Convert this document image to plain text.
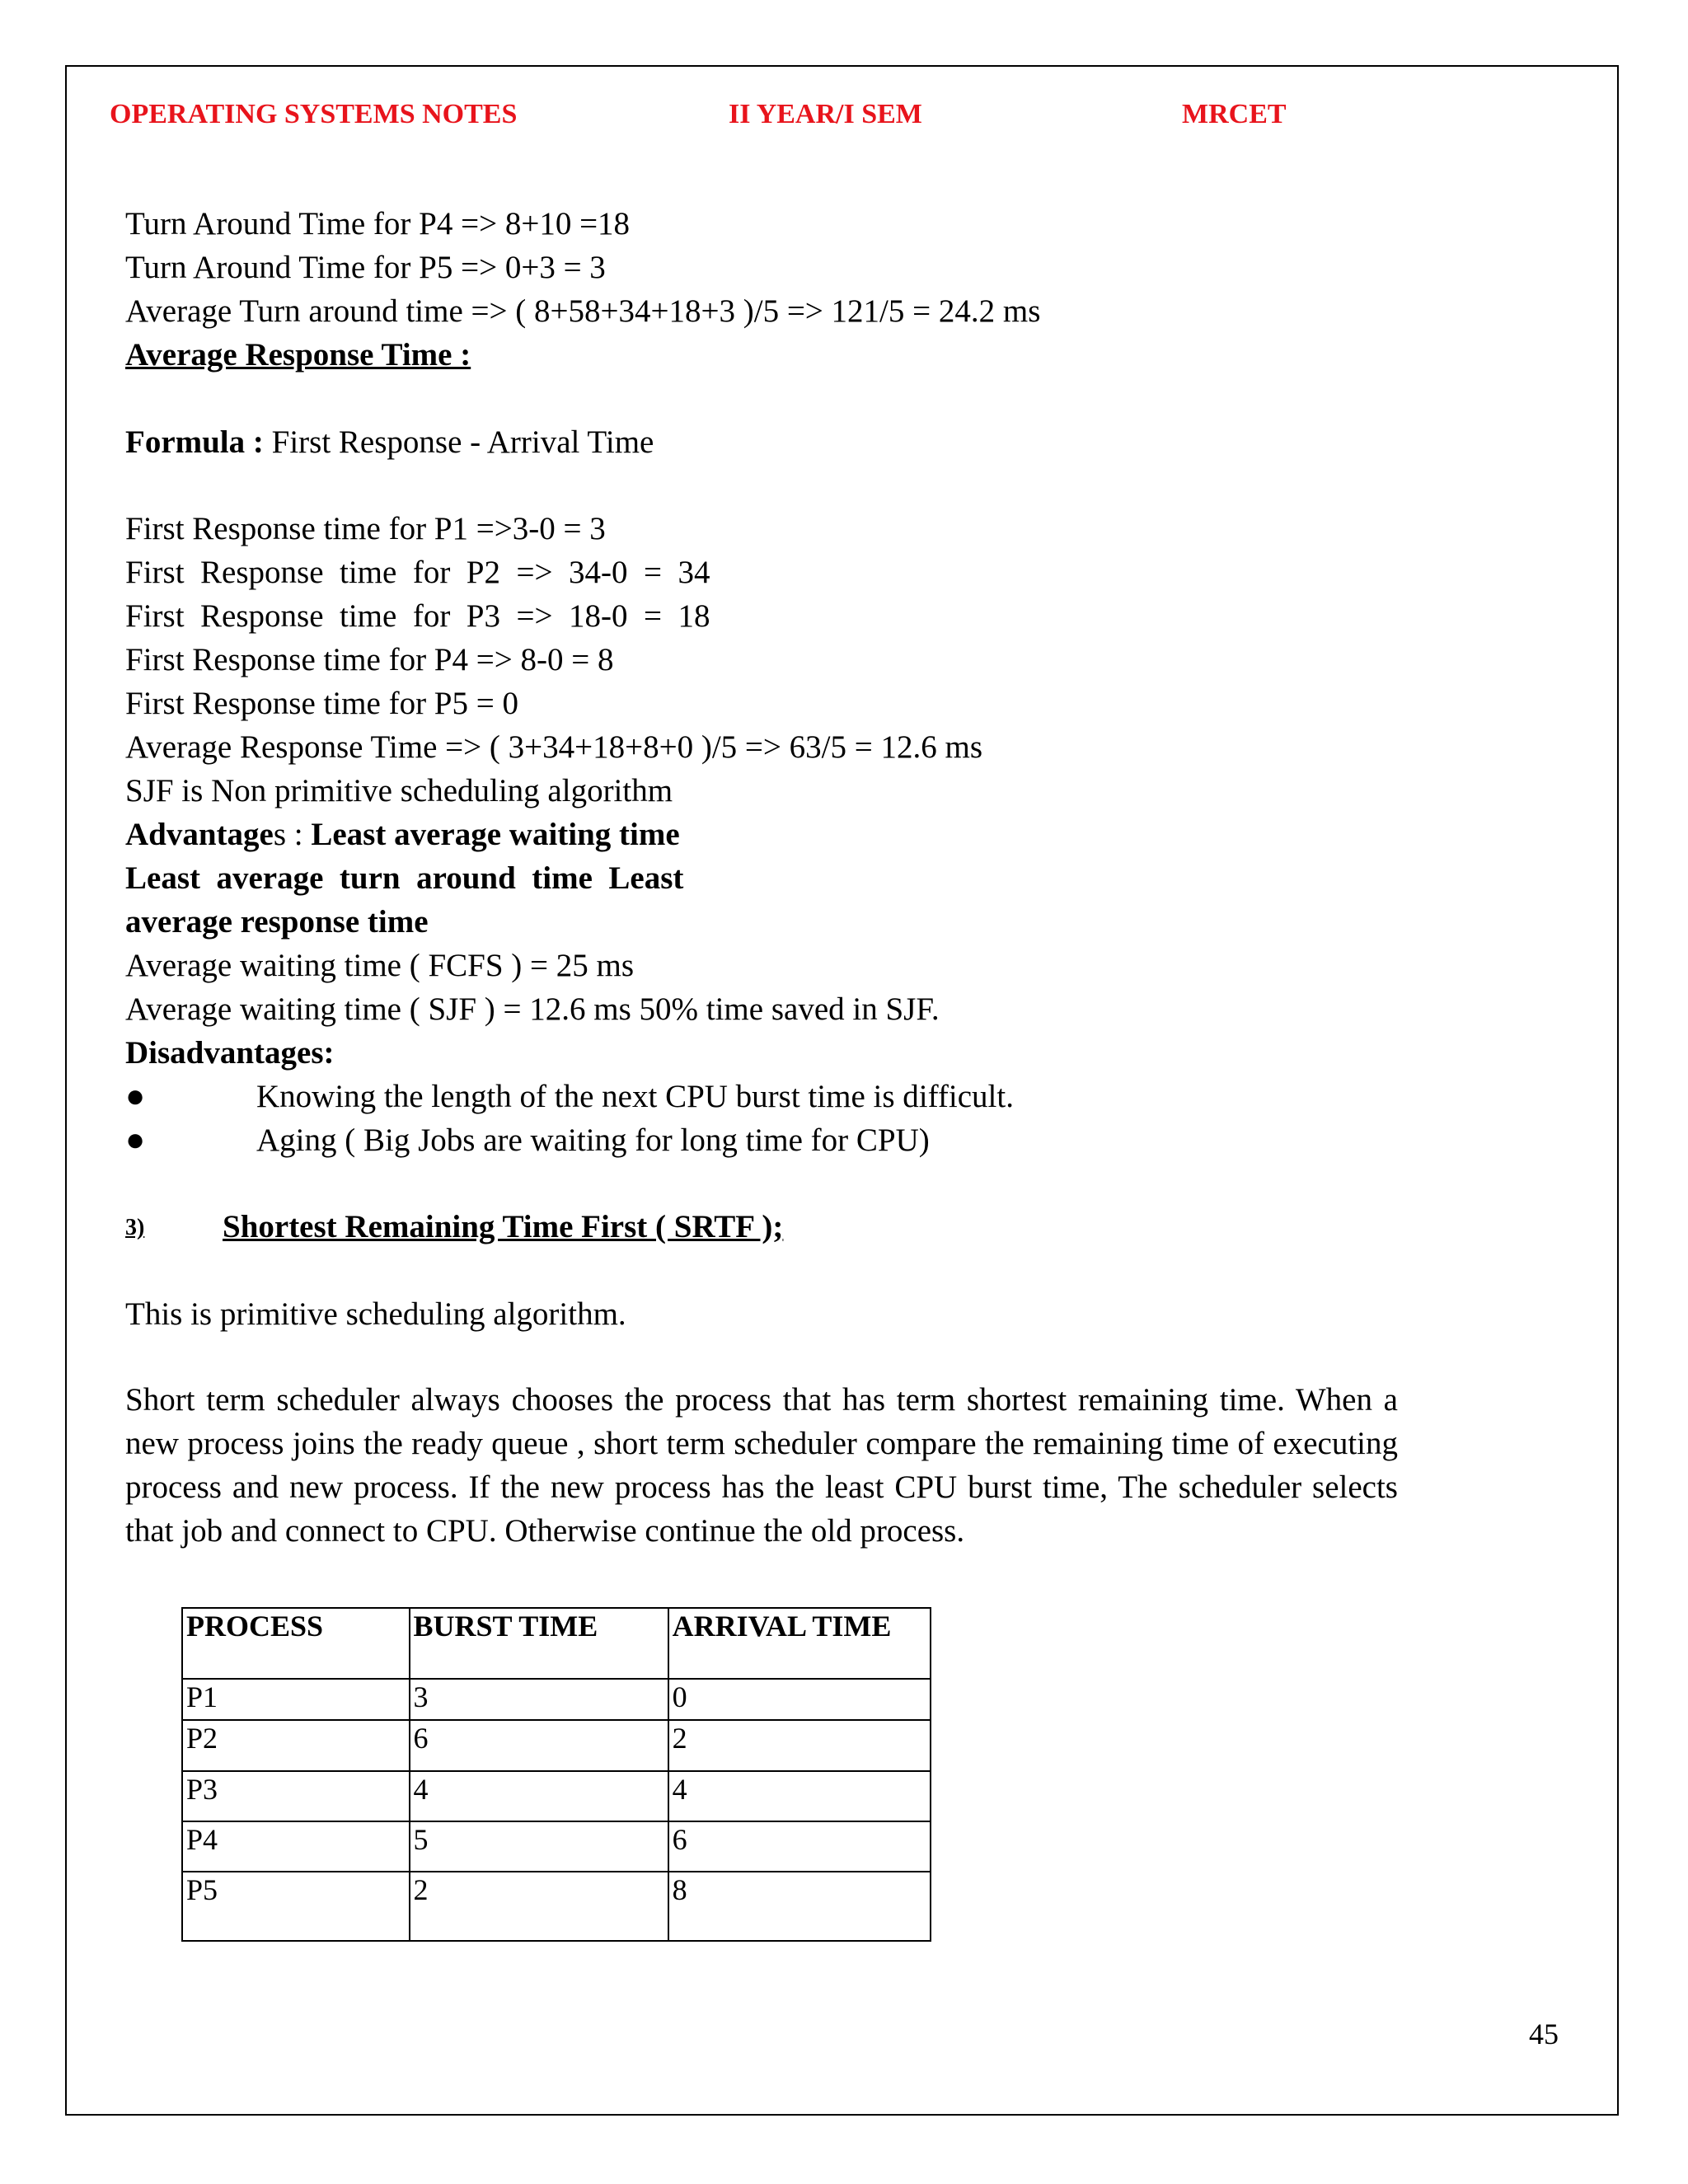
OPERATING SYSTEMS NOTES	II YEAR/I SEM	MRCET
Turn Around Time for P4 => 8+10 =18
Turn Around Time for P5 => 0+3 = 3
Average Turn around time => ( 8+58+34+18+3 )/5 => 121/5 = 24.2 ms
Average Response Time :
Formula : First Response - Arrival Time
First Response time for P1 =>3-0 = 3
First  Response  time  for  P2  =>  34-0  =  34
First  Response  time  for  P3  =>  18-0  =  18
First Response time for P4 => 8-0 = 8
First Response time for P5 = 0
Average Response Time => ( 3+34+18+8+0 )/5 => 63/5 = 12.6 ms
SJF is Non primitive scheduling algorithm
Advantages : Least average waiting time
Least  average  turn  around  time  Least
average response time
Average waiting time ( FCFS ) = 25 ms
Average waiting time ( SJF ) = 12.6 ms 50% time saved in SJF.
Disadvantages:
●	Knowing the length of the next CPU burst time is difficult.
●	Aging ( Big Jobs are waiting for long time for CPU)
3) Shortest Remaining Time First ( SRTF );
This is primitive scheduling algorithm.
Short term scheduler always chooses the process that has term shortest remaining time. When a new process joins the ready queue , short term scheduler compare the remaining time of executing process and new process. If the new process has the least CPU burst time, The scheduler selects that job and connect to CPU. Otherwise continue the old process.
PROCESS	BURST TIME	ARRIVAL TIME
P1	3	0
P2	6	2
P3	4	4
P4	5	6
P5	2	8
45
